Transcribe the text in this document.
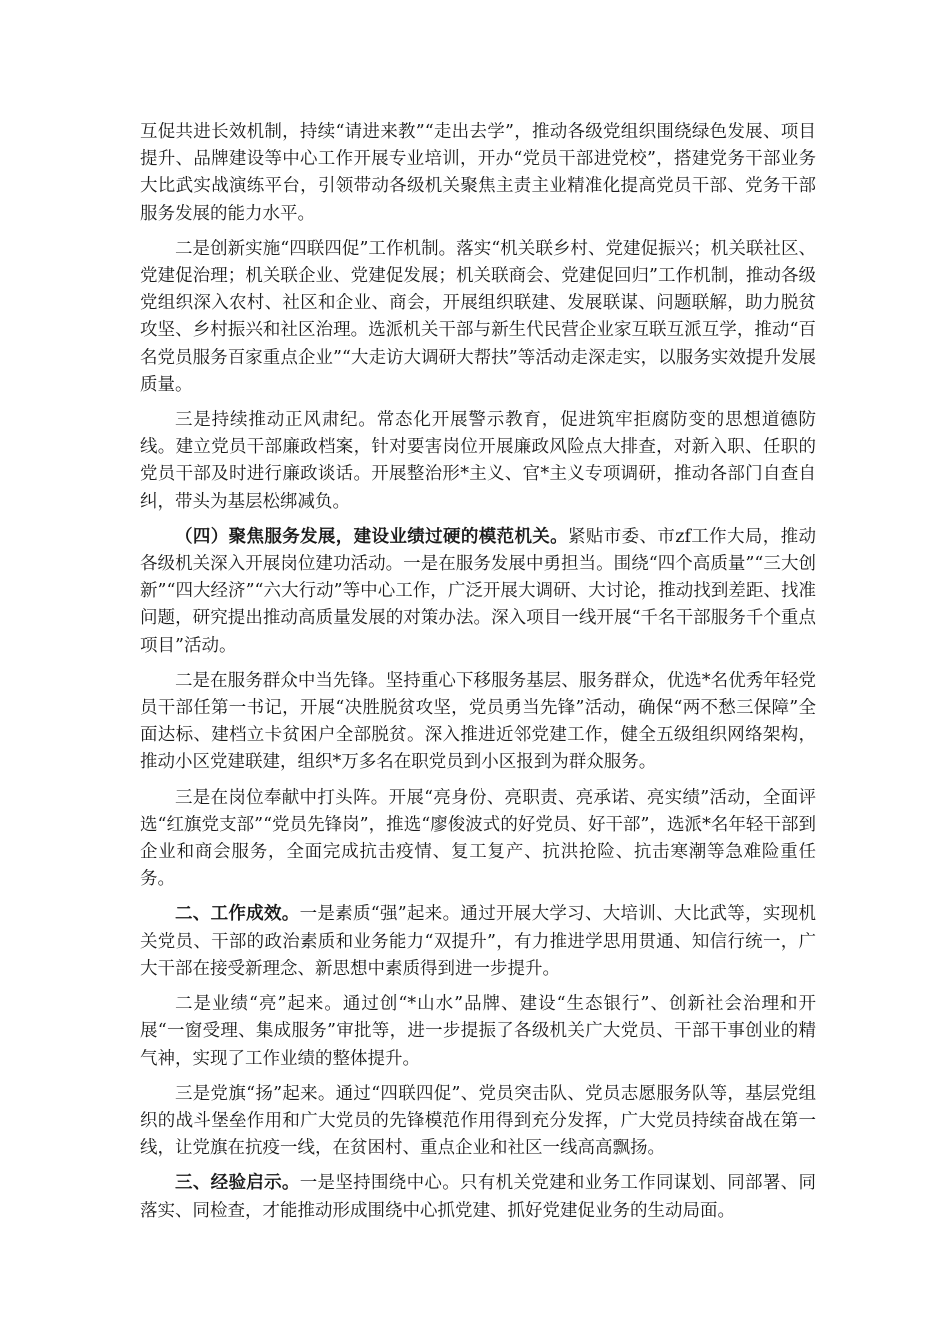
互促共进长效机制，持续“请进来教”“走出去学”，推动各级党组织围绕绿色发展、项目提升、品牌建设等中心工作开展专业培训，开办“党员干部进党校”，搭建党务干部业务大比武实战演练平台，引领带动各级机关聚焦主责主业精准化提高党员干部、党务干部服务发展的能力水平。

二是创新实施“四联四促”工作机制。落实“机关联乡村、党建促振兴；机关联社区、党建促治理；机关联企业、党建促发展；机关联商会、党建促回归”工作机制，推动各级党组织深入农村、社区和企业、商会，开展组织联建、发展联谋、问题联解，助力脱贫攻坚、乡村振兴和社区治理。选派机关干部与新生代民营企业家互联互派互学，推动“百名党员服务百家重点企业”“大走访大调研大帮扶”等活动走深走实，以服务实效提升发展质量。

三是持续推动正风肃纪。常态化开展警示教育，促进筑牢拒腐防变的思想道德防线。建立党员干部廉政档案，针对要害岗位开展廉政风险点大排查，对新入职、任职的党员干部及时进行廉政谈话。开展整治形*主义、官*主义专项调研，推动各部门自查自纠，带头为基层松绑减负。

（四）聚焦服务发展，建设业绩过硬的模范机关。紧贴市委、市zf工作大局，推动各级机关深入开展岗位建功活动。一是在服务发展中勇担当。围绕“四个高质量”“三大创新”“四大经济”“六大行动”等中心工作，广泛开展大调研、大讨论，推动找到差距、找准问题，研究提出推动高质量发展的对策办法。深入项目一线开展“千名干部服务千个重点项目”活动。

二是在服务群众中当先锋。坚持重心下移服务基层、服务群众，优选*名优秀年轻党员干部任第一书记，开展“决胜脱贫攻坚，党员勇当先锋”活动，确保“两不愁三保障”全面达标、建档立卡贫困户全部脱贫。深入推进近邻党建工作，健全五级组织网络架构，推动小区党建联建，组织*万多名在职党员到小区报到为群众服务。

三是在岗位奉献中打头阵。开展“亮身份、亮职责、亮承诺、亮实绩”活动，全面评选“红旗党支部”“党员先锋岗”，推选“廖俊波式的好党员、好干部”，选派*名年轻干部到企业和商会服务，全面完成抗击疫情、复工复产、抗洪抢险、抗击寒潮等急难险重任务。

二、工作成效。一是素质“强”起来。通过开展大学习、大培训、大比武等，实现机关党员、干部的政治素质和业务能力“双提升”，有力推进学思用贯通、知信行统一，广大干部在接受新理念、新思想中素质得到进一步提升。

二是业绩“亮”起来。通过创“*山水”品牌、建设“生态银行”、创新社会治理和开展“一窗受理、集成服务”审批等，进一步提振了各级机关广大党员、干部干事创业的精气神，实现了工作业绩的整体提升。

三是党旗“扬”起来。通过“四联四促”、党员突击队、党员志愿服务队等，基层党组织的战斗堡垒作用和广大党员的先锋模范作用得到充分发挥，广大党员持续奋战在第一线，让党旗在抗疫一线，在贫困村、重点企业和社区一线高高飘扬。

三、经验启示。一是坚持围绕中心。只有机关党建和业务工作同谋划、同部署、同落实、同检查，才能推动形成围绕中心抓党建、抓好党建促业务的生动局面。
